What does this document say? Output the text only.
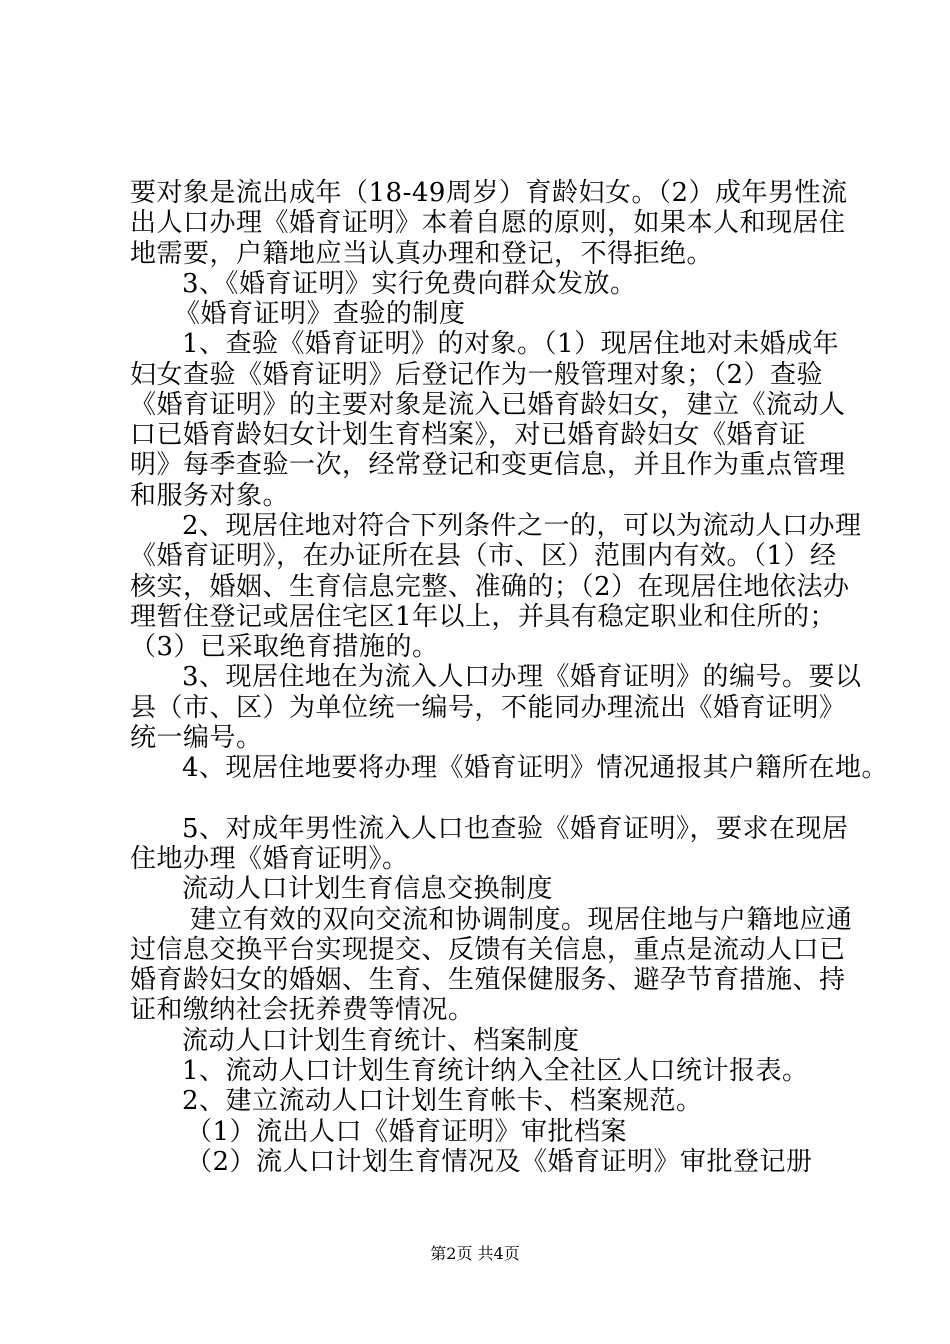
要对象是流出成年（18-49周岁）育龄妇女。（2）成年男性流
出人口办理《婚育证明》本着自愿的原则，如果本人和现居住
地需要，户籍地应当认真办理和登记，不得拒绝。
3、《婚育证明》实行免费向群众发放。
《婚育证明》查验的制度
1、查验《婚育证明》的对象。（1）现居住地对未婚成年
妇女查验《婚育证明》后登记作为一般管理对象；（2）查验
《婚育证明》的主要对象是流入已婚育龄妇女，建立《流动人
口已婚育龄妇女计划生育档案》，对已婚育龄妇女《婚育证
明》每季查验一次，经常登记和变更信息，并且作为重点管理
和服务对象。
2、现居住地对符合下列条件之一的，可以为流动人口办理
《婚育证明》，在办证所在县（市、区）范围内有效。（1）经
核实，婚姻、生育信息完整、准确的；（2）在现居住地依法办
理暂住登记或居住宅区1年以上，并具有稳定职业和住所的；
（3）已采取绝育措施的。
3、现居住地在为流入人口办理《婚育证明》的编号。要以
县（市、区）为单位统一编号，不能同办理流出《婚育证明》
统一编号。
4、现居住地要将办理《婚育证明》情况通报其户籍所在地。
5、对成年男性流入人口也查验《婚育证明》，要求在现居
住地办理《婚育证明》。
流动人口计划生育信息交换制度
建立有效的双向交流和协调制度。现居住地与户籍地应通
过信息交换平台实现提交、反馈有关信息，重点是流动人口已
婚育龄妇女的婚姻、生育、生殖保健服务、避孕节育措施、持
证和缴纳社会抚养费等情况。
流动人口计划生育统计、档案制度
1、流动人口计划生育统计纳入全社区人口统计报表。
2、建立流动人口计划生育帐卡、档案规范。
（1）流出人口《婚育证明》审批档案
（2）流人口计划生育情况及《婚育证明》审批登记册
第2页 共4页
